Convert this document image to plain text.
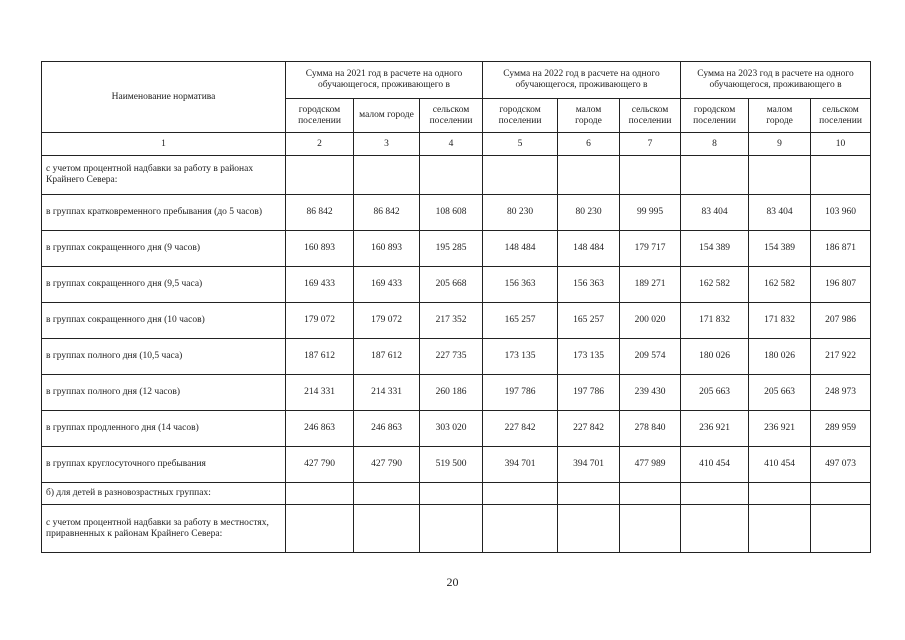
Наименование норматива	Сумма на 2021 год в расчете на одного обучающегося, проживающего в			Сумма на 2022 год в расчете на одного обучающегося, проживающего в			Сумма на 2023 год в расчете на одного обучающегося, проживающего в		
	городском поселении	малом городе	сельском поселении	городском поселении	малом городе	сельском поселении	городском поселении	малом городе	сельском поселении
1	2	3	4	5	6	7	8	9	10
с учетом процентной надбавки за работу в районах Крайнего Севера:									
в группах кратковременного пребывания (до 5 часов)	86 842	86 842	108 608	80 230	80 230	99 995	83 404	83 404	103 960
в группах сокращенного дня (9 часов)	160 893	160 893	195 285	148 484	148 484	179 717	154 389	154 389	186 871
в группах сокращенного дня (9,5 часа)	169 433	169 433	205 668	156 363	156 363	189 271	162 582	162 582	196 807
в группах сокращенного дня (10 часов)	179 072	179 072	217 352	165 257	165 257	200 020	171 832	171 832	207 986
в группах полного дня (10,5 часа)	187 612	187 612	227 735	173 135	173 135	209 574	180 026	180 026	217 922
в группах полного дня (12 часов)	214 331	214 331	260 186	197 786	197 786	239 430	205 663	205 663	248 973
в группах продленного дня (14 часов)	246 863	246 863	303 020	227 842	227 842	278 840	236 921	236 921	289 959
в группах круглосуточного пребывания	427 790	427 790	519 500	394 701	394 701	477 989	410 454	410 454	497 073
б) для детей в разновозрастных группах:									
с учетом процентной надбавки за работу в местностях, приравненных к районам Крайнего Севера:									
20
